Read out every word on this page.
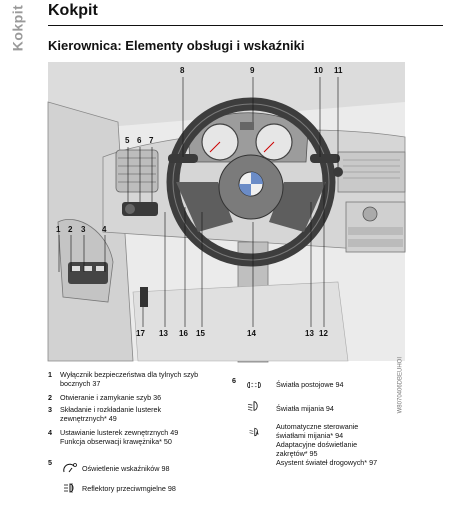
Kokpit Kokpit
Kierownica: Elementy obsługi i wskaźniki
8	9	10 11
5 6 7
1 2 3 4
17 13 16 15	14	13 12
W8070406DBEUHOI
1 Wyłącznik bezpieczeństwa dla tylnych szyb
bocznych 37
2 Otwieranie i zamykanie szyb 36
3 Składanie i rozkładanie lusterek
zewnętrznych* 49
4 Ustawianie lusterek zewnętrznych 49
Funkcja obserwacji krawężnika* 50
5
Oświetlenie wskaźników 98
Reflektory przeciwmgielne 98
6	Światła postojowe 94
Światła mijania 94
A
Automatyczne sterowanie
światłami mijania* 94
Adaptacyjne doświetlanie
zakrętów* 95
Asystent świateł drogowych* 97
